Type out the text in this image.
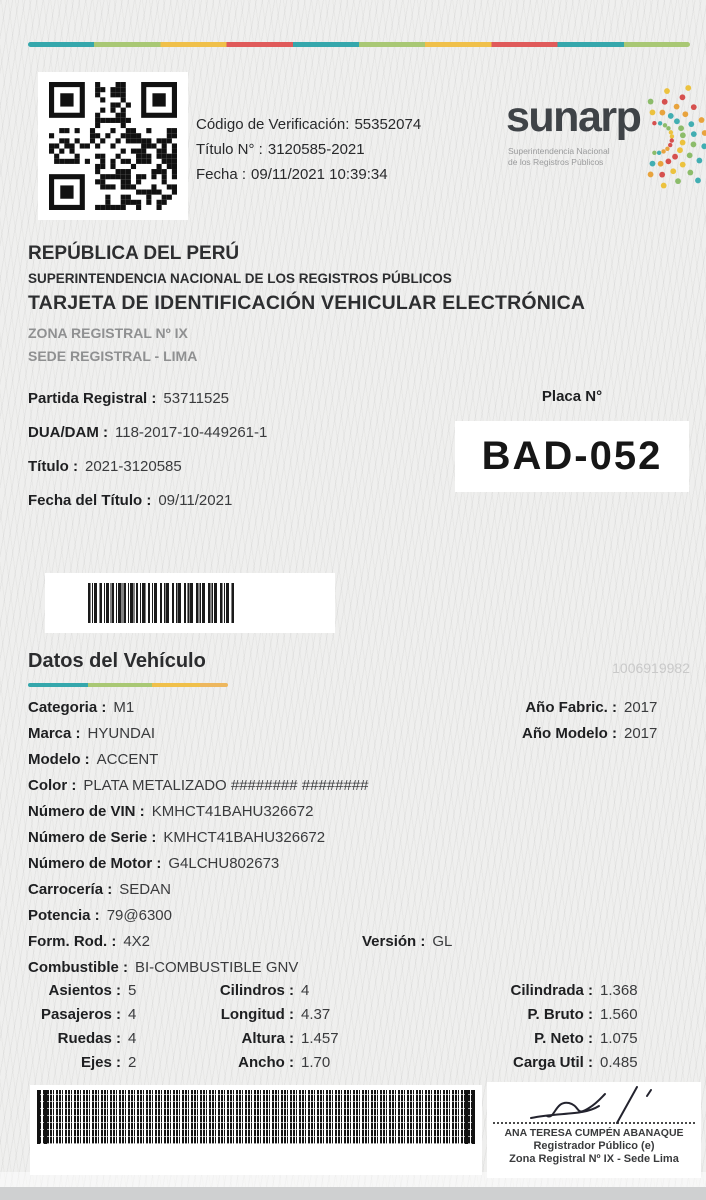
Código de Verificación: 55352074
Título N° : 3120585-2021
Fecha : 09/11/2021 10:39:34
sunarp
Superintendencia Nacional
de los Registros Públicos
REPÚBLICA DEL PERÚ
SUPERINTENDENCIA NACIONAL DE LOS REGISTROS PÚBLICOS
TARJETA DE IDENTIFICACIÓN VEHICULAR ELECTRÓNICA
ZONA REGISTRAL Nº IX
SEDE REGISTRAL - LIMA
Partida Registral : 53711525
DUA/DAM : 118-2017-10-449261-1
Título : 2021-3120585
Fecha del Título : 09/11/2021
Placa N°
BAD-052
1006919982
Datos del Vehículo
Categoria : M1
Marca : HYUNDAI
Modelo : ACCENT
Color : PLATA METALIZADO ######## ########
Número de VIN : KMHCT41BAHU326672
Número de Serie : KMHCT41BAHU326672
Número de Motor : G4LCHU802673
Carrocería : SEDAN
Potencia : 79@6300
Form. Rod. : 4X2
Combustible : BI-COMBUSTIBLE GNV
Año Fabric. : 2017
Año Modelo : 2017
Versión : GL
Asientos : 5
Pasajeros : 4
Ruedas : 4
Ejes : 2
Cilindros : 4
Longitud : 4.37
Altura : 1.457
Ancho : 1.70
Cilindrada : 1.368
P. Bruto : 1.560
P. Neto : 1.075
Carga Util : 0.485
ANA TERESA CUMPÉN ABANAQUE
Registrador Público (e)
Zona Registral Nº IX - Sede Lima
